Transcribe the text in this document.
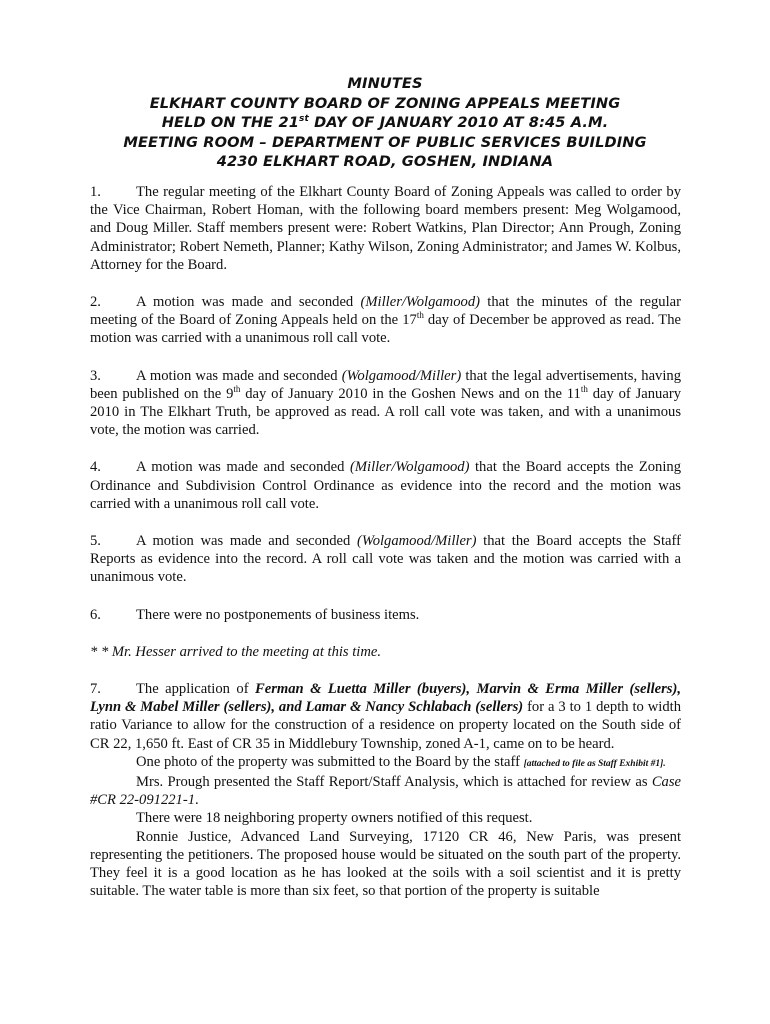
MINUTES
ELKHART COUNTY BOARD OF ZONING APPEALS MEETING
HELD ON THE 21st DAY OF JANUARY 2010 AT 8:45 A.M.
MEETING ROOM – DEPARTMENT OF PUBLIC SERVICES BUILDING
4230 ELKHART ROAD, GOSHEN, INDIANA

1. The regular meeting of the Elkhart County Board of Zoning Appeals was called to order by the Vice Chairman, Robert Homan, with the following board members present: Meg Wolgamood, and Doug Miller. Staff members present were: Robert Watkins, Plan Director; Ann Prough, Zoning Administrator; Robert Nemeth, Planner; Kathy Wilson, Zoning Administrator; and James W. Kolbus, Attorney for the Board.

2. A motion was made and seconded (Miller/Wolgamood) that the minutes of the regular meeting of the Board of Zoning Appeals held on the 17th day of December be approved as read. The motion was carried with a unanimous roll call vote.

3. A motion was made and seconded (Wolgamood/Miller) that the legal advertisements, having been published on the 9th day of January 2010 in the Goshen News and on the 11th day of January 2010 in The Elkhart Truth, be approved as read. A roll call vote was taken, and with a unanimous vote, the motion was carried.

4. A motion was made and seconded (Miller/Wolgamood) that the Board accepts the Zoning Ordinance and Subdivision Control Ordinance as evidence into the record and the motion was carried with a unanimous roll call vote.

5. A motion was made and seconded (Wolgamood/Miller) that the Board accepts the Staff Reports as evidence into the record. A roll call vote was taken and the motion was carried with a unanimous vote.

6. There were no postponements of business items.

* * Mr. Hesser arrived to the meeting at this time.

7. The application of Ferman & Luetta Miller (buyers), Marvin & Erma Miller (sellers), Lynn & Mabel Miller (sellers), and Lamar & Nancy Schlabach (sellers) for a 3 to 1 depth to width ratio Variance to allow for the construction of a residence on property located on the South side of CR 22, 1,650 ft. East of CR 35 in Middlebury Township, zoned A-1, came on to be heard.

One photo of the property was submitted to the Board by the staff [attached to file as Staff Exhibit #1].

Mrs. Prough presented the Staff Report/Staff Analysis, which is attached for review as Case #CR 22-091221-1.

There were 18 neighboring property owners notified of this request.

Ronnie Justice, Advanced Land Surveying, 17120 CR 46, New Paris, was present representing the petitioners. The proposed house would be situated on the south part of the property. They feel it is a good location as he has looked at the soils with a soil scientist and it is pretty suitable. The water table is more than six feet, so that portion of the property is suitable
